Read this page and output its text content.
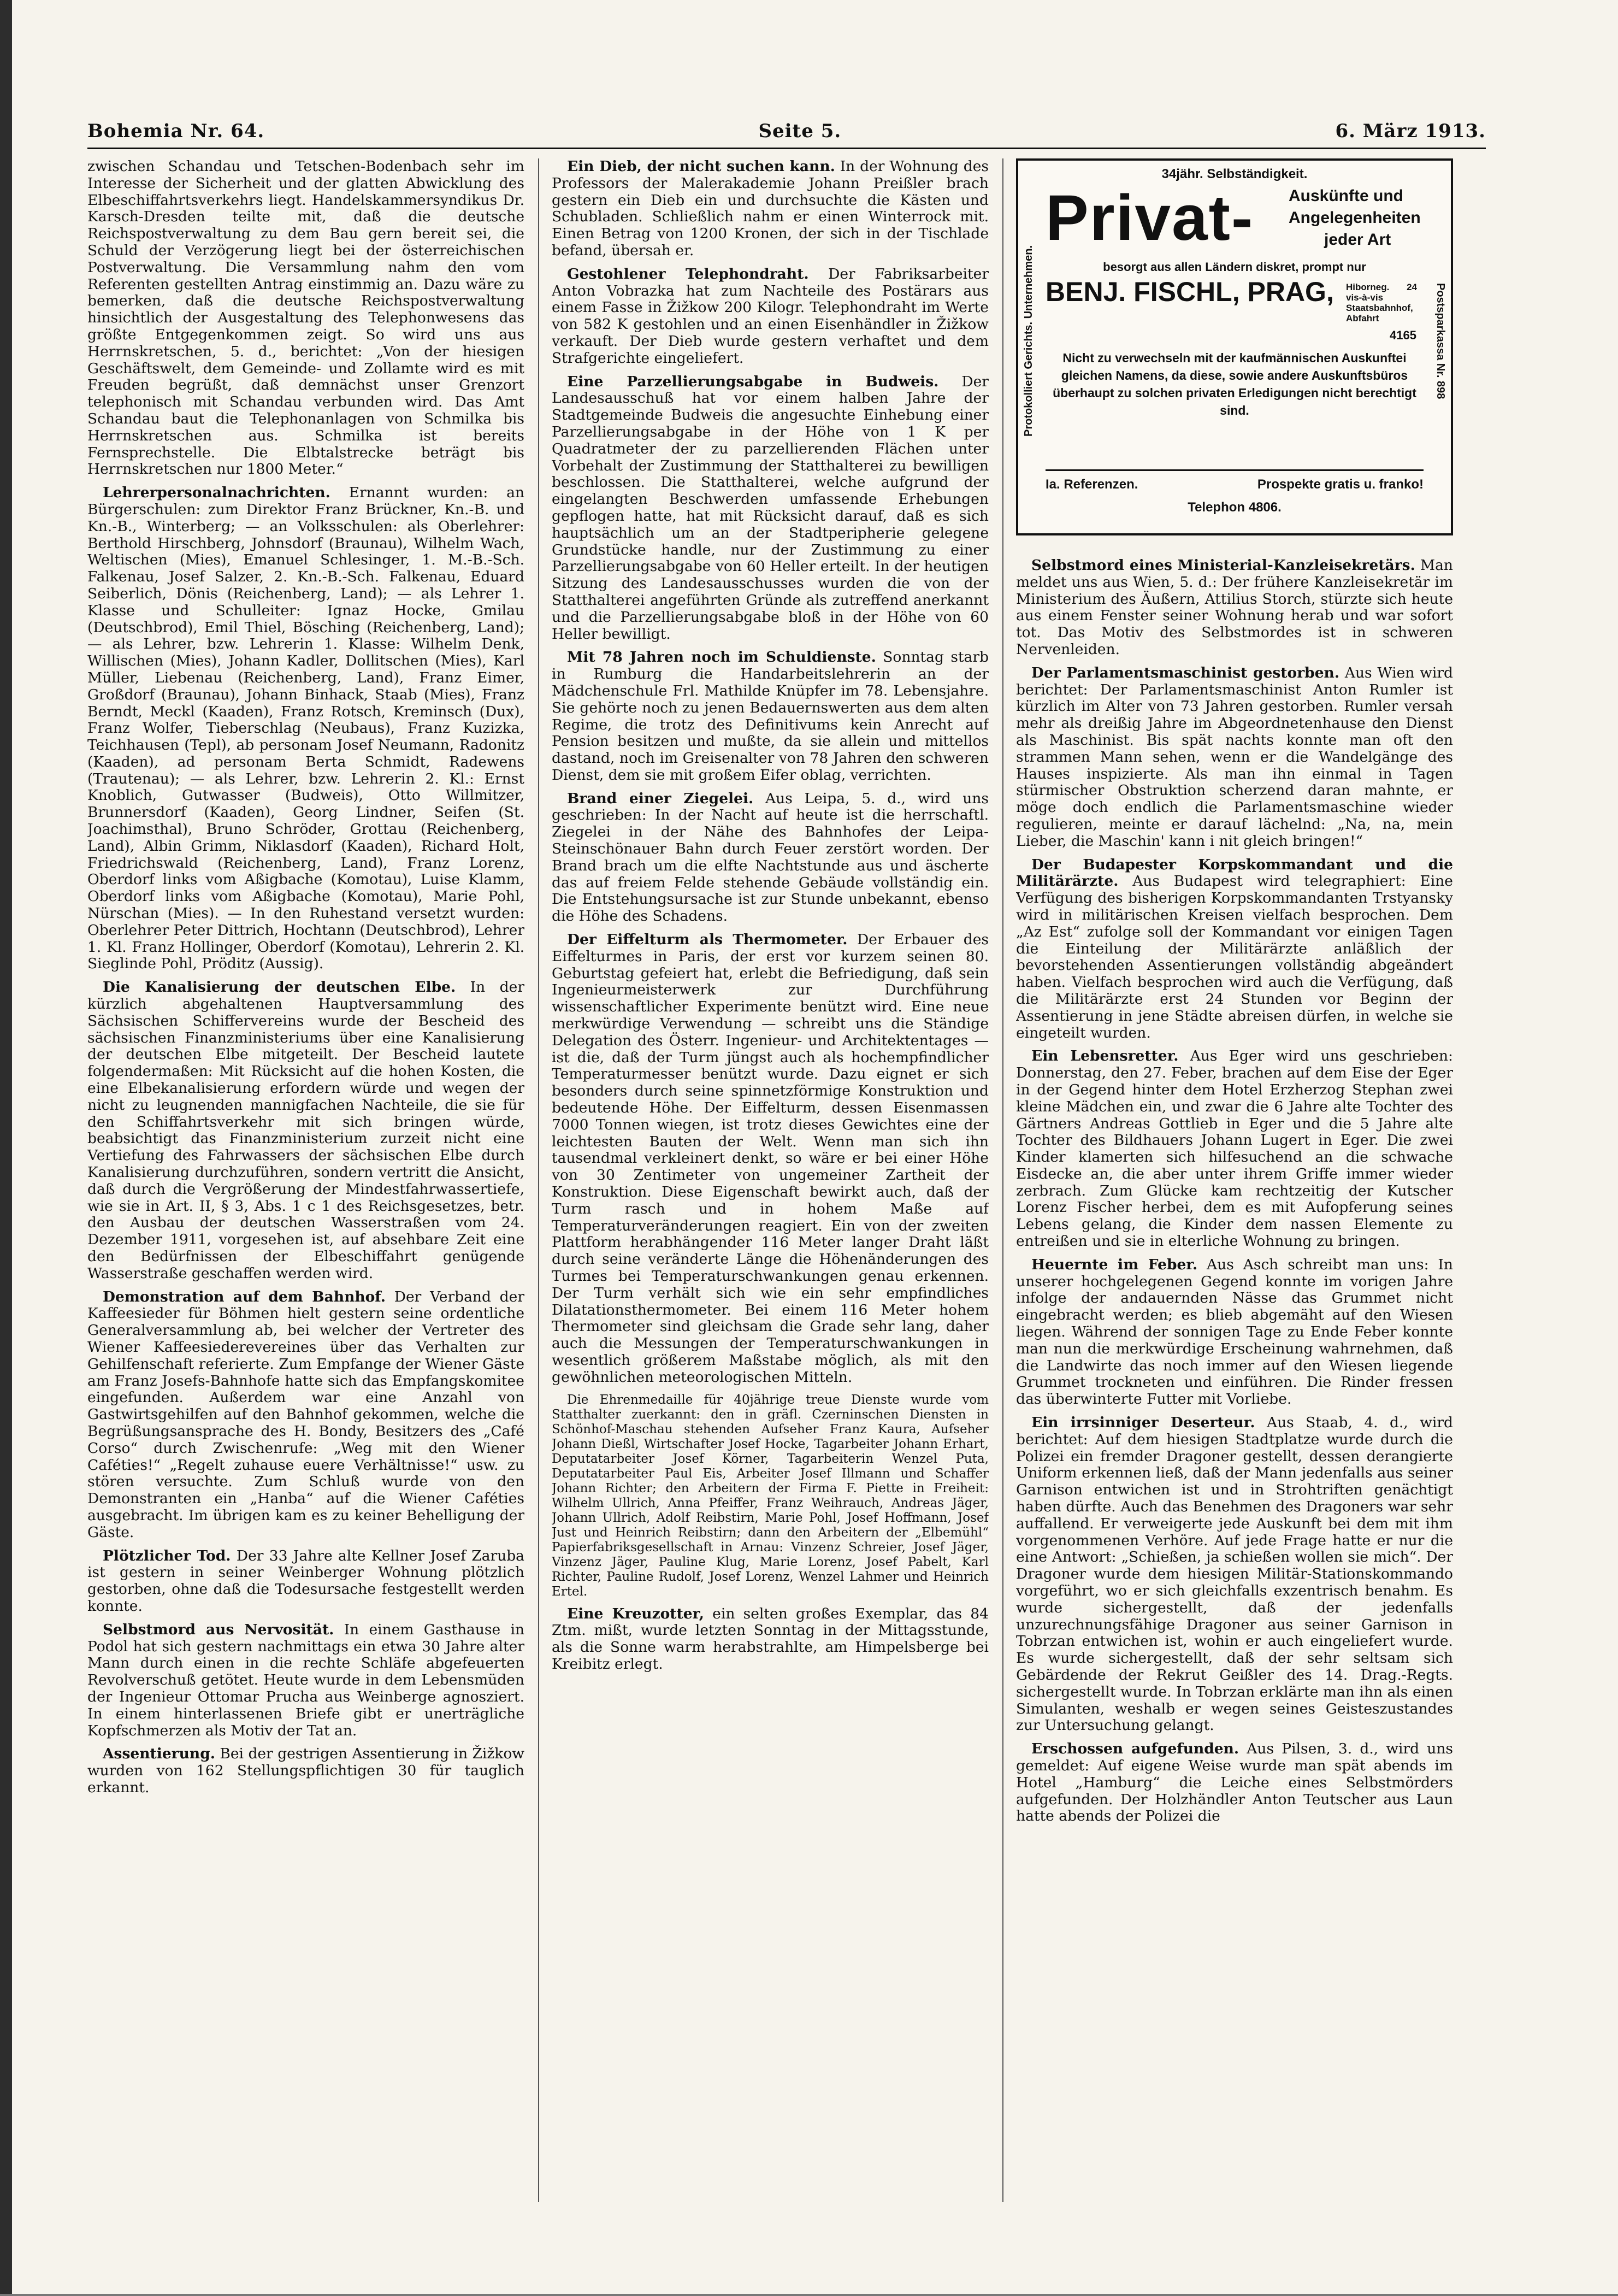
Bohemia Nr. 64.	Seite 5.	6. März 1913.

zwischen Schandau und Tetschen-Bodenbach sehr im Interesse der Sicherheit und der glatten Abwicklung des Elbeschiffahrtsverkehrs liegt. Handelskammersyndikus Dr. Karsch-Dresden teilte mit, daß die deutsche Reichspostverwaltung zu dem Bau gern bereit sei, die Schuld der Verzögerung liegt bei der österreichischen Postverwaltung. Die Versammlung nahm den vom Referenten gestellten Antrag einstimmig an. Dazu wäre zu bemerken, daß die deutsche Reichspostverwaltung hinsichtlich der Ausgestaltung des Telephonwesens das größte Entgegenkommen zeigt. So wird uns aus Herrnskretschen, 5. d., berichtet: „Von der hiesigen Geschäftswelt, dem Gemeinde- und Zollamte wird es mit Freuden begrüßt, daß demnächst unser Grenzort telephonisch mit Schandau verbunden wird. Das Amt Schandau baut die Telephonanlagen von Schmilka bis Herrnskretschen aus. Schmilka ist bereits Fernsprechstelle. Die Elbtalstrecke beträgt bis Herrnskretschen nur 1800 Meter.“

Lehrerpersonalnachrichten. Ernannt wurden: an Bürgerschulen: zum Direktor Franz Brückner, Kn.-B. und Kn.-B., Winterberg; — an Volksschulen: als Oberlehrer: Berthold Hirschberg, Johnsdorf (Braunau), Wilhelm Wach, Weltischen (Mies), Emanuel Schlesinger, 1. M.-B.-Sch. Falkenau, Josef Salzer, 2. Kn.-B.-Sch. Falkenau, Eduard Seiberlich, Dönis (Reichenberg, Land); — als Lehrer 1. Klasse und Schulleiter: Ignaz Hocke, Gmilau (Deutschbrod), Emil Thiel, Bösching (Reichenberg, Land); — als Lehrer, bzw. Lehrerin 1. Klasse: Wilhelm Denk, Willischen (Mies), Johann Kadler, Dollitschen (Mies), Karl Müller, Liebenau (Reichenberg, Land), Franz Eimer, Großdorf (Braunau), Johann Binhack, Staab (Mies), Franz Berndt, Meckl (Kaaden), Franz Rotsch, Kreminsch (Dux), Franz Wolfer, Tieberschlag (Neubaus), Franz Kuzizka, Teichhausen (Tepl), ab personam Josef Neumann, Radonitz (Kaaden), ad personam Berta Schmidt, Radewens (Trautenau); — als Lehrer, bzw. Lehrerin 2. Kl.: Ernst Knoblich, Gutwasser (Budweis), Otto Willmitzer, Brunnersdorf (Kaaden), Georg Lindner, Seifen (St. Joachimsthal), Bruno Schröder, Grottau (Reichenberg, Land), Albin Grimm, Niklasdorf (Kaaden), Richard Holt, Friedrichswald (Reichenberg, Land), Franz Lorenz, Oberdorf links vom Aßigbache (Komotau), Luise Klamm, Oberdorf links vom Aßigbache (Komotau), Marie Pohl, Nürschan (Mies). — In den Ruhestand versetzt wurden: Oberlehrer Peter Dittrich, Hochtann (Deutschbrod), Lehrer 1. Kl. Franz Hollinger, Oberdorf (Komotau), Lehrerin 2. Kl. Sieglinde Pohl, Pröditz (Aussig).

Die Kanalisierung der deutschen Elbe. In der kürzlich abgehaltenen Hauptversammlung des Sächsischen Schiffervereins wurde der Bescheid des sächsischen Finanzministeriums über eine Kanalisierung der deutschen Elbe mitgeteilt. Der Bescheid lautete folgendermaßen: Mit Rücksicht auf die hohen Kosten, die eine Elbekanalisierung erfordern würde und wegen der nicht zu leugnenden mannigfachen Nachteile, die sie für den Schiffahrtsverkehr mit sich bringen würde, beabsichtigt das Finanzministerium zurzeit nicht eine Vertiefung des Fahrwassers der sächsischen Elbe durch Kanalisierung durchzuführen, sondern vertritt die Ansicht, daß durch die Vergrößerung der Mindestfahrwassertiefe, wie sie in Art. II, § 3, Abs. 1 c 1 des Reichsgesetzes, betr. den Ausbau der deutschen Wasserstraßen vom 24. Dezember 1911, vorgesehen ist, auf absehbare Zeit eine den Bedürfnissen der Elbeschiffahrt genügende Wasserstraße geschaffen werden wird.

Demonstration auf dem Bahnhof. Der Verband der Kaffeesieder für Böhmen hielt gestern seine ordentliche Generalversammlung ab, bei welcher der Vertreter des Wiener Kaffeesiederevereines über das Verhalten zur Gehilfenschaft referierte. Zum Empfange der Wiener Gäste am Franz Josefs-Bahnhofe hatte sich das Empfangskomitee eingefunden. Außerdem war eine Anzahl von Gastwirtsgehilfen auf den Bahnhof gekommen, welche die Begrüßungsansprache des H. Bondy, Besitzers des „Café Corso“ durch Zwischenrufe: „Weg mit den Wiener Caféties!“ „Regelt zuhause euere Verhältnisse!“ usw. zu stören versuchte. Zum Schluß wurde von den Demonstranten ein „Hanba“ auf die Wiener Caféties ausgebracht. Im übrigen kam es zu keiner Behelligung der Gäste.

Plötzlicher Tod. Der 33 Jahre alte Kellner Josef Zaruba ist gestern in seiner Weinberger Wohnung plötzlich gestorben, ohne daß die Todesursache festgestellt werden konnte.

Selbstmord aus Nervosität. In einem Gasthause in Podol hat sich gestern nachmittags ein etwa 30 Jahre alter Mann durch einen in die rechte Schläfe abgefeuerten Revolverschuß getötet. Heute wurde in dem Lebensmüden der Ingenieur Ottomar Prucha aus Weinberge agnosziert. In einem hinterlassenen Briefe gibt er unerträgliche Kopfschmerzen als Motiv der Tat an.

Assentierung. Bei der gestrigen Assentierung in Žižkow wurden von 162 Stellungspflichtigen 30 für tauglich erkannt.

Ein Dieb, der nicht suchen kann. In der Wohnung des Professors der Malerakademie Johann Preißler brach gestern ein Dieb ein und durchsuchte die Kästen und Schubladen. Schließlich nahm er einen Winterrock mit. Einen Betrag von 1200 Kronen, der sich in der Tischlade befand, übersah er.

Gestohlener Telephondraht. Der Fabriksarbeiter Anton Vobrazka hat zum Nachteile des Postärars aus einem Fasse in Žižkow 200 Kilogr. Telephondraht im Werte von 582 K gestohlen und an einen Eisenhändler in Žižkow verkauft. Der Dieb wurde gestern verhaftet und dem Strafgerichte eingeliefert.

Eine Parzellierungsabgabe in Budweis. Der Landesausschuß hat vor einem halben Jahre der Stadtgemeinde Budweis die angesuchte Einhebung einer Parzellierungsabgabe in der Höhe von 1 K per Quadratmeter der zu parzellierenden Flächen unter Vorbehalt der Zustimmung der Statthalterei zu bewilligen beschlossen. Die Statthalterei, welche aufgrund der eingelangten Beschwerden umfassende Erhebungen gepflogen hatte, hat mit Rücksicht darauf, daß es sich hauptsächlich um an der Stadtperipherie gelegene Grundstücke handle, nur der Zustimmung zu einer Parzellierungsabgabe von 60 Heller erteilt. In der heutigen Sitzung des Landesausschusses wurden die von der Statthalterei angeführten Gründe als zutreffend anerkannt und die Parzellierungsabgabe bloß in der Höhe von 60 Heller bewilligt.

Mit 78 Jahren noch im Schuldienste. Sonntag starb in Rumburg die Handarbeitslehrerin an der Mädchenschule Frl. Mathilde Knüpfer im 78. Lebensjahre. Sie gehörte noch zu jenen Bedauernswerten aus dem alten Regime, die trotz des Definitivums kein Anrecht auf Pension besitzen und mußte, da sie allein und mittellos dastand, noch im Greisenalter von 78 Jahren den schweren Dienst, dem sie mit großem Eifer oblag, verrichten.

Brand einer Ziegelei. Aus Leipa, 5. d., wird uns geschrieben: In der Nacht auf heute ist die herrschaftl. Ziegelei in der Nähe des Bahnhofes der Leipa-Steinschönauer Bahn durch Feuer zerstört worden. Der Brand brach um die elfte Nachtstunde aus und äscherte das auf freiem Felde stehende Gebäude vollständig ein. Die Entstehungsursache ist zur Stunde unbekannt, ebenso die Höhe des Schadens.

Der Eiffelturm als Thermometer. Der Erbauer des Eiffelturmes in Paris, der erst vor kurzem seinen 80. Geburtstag gefeiert hat, erlebt die Befriedigung, daß sein Ingenieurmeisterwerk zur Durchführung wissenschaftlicher Experimente benützt wird. Eine neue merkwürdige Verwendung — schreibt uns die Ständige Delegation des Österr. Ingenieur- und Architektentages — ist die, daß der Turm jüngst auch als hochempfindlicher Temperaturmesser benützt wurde. Dazu eignet er sich besonders durch seine spinnetzförmige Konstruktion und bedeutende Höhe. Der Eiffelturm, dessen Eisenmassen 7000 Tonnen wiegen, ist trotz dieses Gewichtes eine der leichtesten Bauten der Welt. Wenn man sich ihn tausendmal verkleinert denkt, so wäre er bei einer Höhe von 30 Zentimeter von ungemeiner Zartheit der Konstruktion. Diese Eigenschaft bewirkt auch, daß der Turm rasch und in hohem Maße auf Temperaturveränderungen reagiert. Ein von der zweiten Plattform herabhängender 116 Meter langer Draht läßt durch seine veränderte Länge die Höhenänderungen des Turmes bei Temperaturschwankungen genau erkennen. Der Turm verhält sich wie ein sehr empfindliches Dilatationsthermometer. Bei einem 116 Meter hohem Thermometer sind gleichsam die Grade sehr lang, daher auch die Messungen der Temperaturschwankungen in wesentlich größerem Maßstabe möglich, als mit den gewöhnlichen meteorologischen Mitteln.

Die Ehrenmedaille für 40jährige treue Dienste wurde vom Statthalter zuerkannt: den in gräfl. Czerninschen Diensten in Schönhof-Maschau stehenden Aufseher Franz Kaura, Aufseher Johann Dießl, Wirtschafter Josef Hocke, Tagarbeiter Johann Erhart, Deputatarbeiter Josef Körner, Tagarbeiterin Wenzel Puta, Deputatarbeiter Paul Eis, Arbeiter Josef Illmann und Schaffer Johann Richter; den Arbeitern der Firma F. Piette in Freiheit: Wilhelm Ullrich, Anna Pfeiffer, Franz Weihrauch, Andreas Jäger, Johann Ullrich, Adolf Reibstirn, Marie Pohl, Josef Hoffmann, Josef Just und Heinrich Reibstirn; dann den Arbeitern der „Elbemühl“ Papierfabriksgesellschaft in Arnau: Vinzenz Schreier, Josef Jäger, Vinzenz Jäger, Pauline Klug, Marie Lorenz, Josef Pabelt, Karl Richter, Pauline Rudolf, Josef Lorenz, Wenzel Lahmer und Heinrich Ertel.

Eine Kreuzotter, ein selten großes Exemplar, das 84 Ztm. mißt, wurde letzten Sonntag in der Mittagsstunde, als die Sonne warm herabstrahlte, am Himpelsberge bei Kreibitz erlegt.

Protokolliert Gerichts. Unternehmen.	Postsparkassa Nr. 898
34jähr. Selbständigkeit.
Privat- Auskünfte und
Angelegenheiten
jeder Art
besorgt aus allen Ländern diskret, prompt nur
BENJ. FISCHL, PRAG, Hiborneg. 24 vis-à-vis Staatsbahnhof, Abfahrt
4165
Nicht zu verwechseln mit der kaufmännischen Auskunftei gleichen Namens, da diese, sowie andere Auskunftsbüros überhaupt zu solchen privaten Erledigungen nicht berechtigt sind.
Ia. Referenzen.	Prospekte gratis u. franko!
Telephon 4806.

Selbstmord eines Ministerial-Kanzleisekretärs. Man meldet uns aus Wien, 5. d.: Der frühere Kanzleisekretär im Ministerium des Äußern, Attilius Storch, stürzte sich heute aus einem Fenster seiner Wohnung herab und war sofort tot. Das Motiv des Selbstmordes ist in schweren Nervenleiden.

Der Parlamentsmaschinist gestorben. Aus Wien wird berichtet: Der Parlamentsmaschinist Anton Rumler ist kürzlich im Alter von 73 Jahren gestorben. Rumler versah mehr als dreißig Jahre im Abgeordnetenhause den Dienst als Maschinist. Bis spät nachts konnte man oft den strammen Mann sehen, wenn er die Wandelgänge des Hauses inspizierte. Als man ihn einmal in Tagen stürmischer Obstruktion scherzend daran mahnte, er möge doch endlich die Parlamentsmaschine wieder regulieren, meinte er darauf lächelnd: „Na, na, mein Lieber, die Maschin' kann i nit gleich bringen!“

Der Budapester Korpskommandant und die Militärärzte. Aus Budapest wird telegraphiert: Eine Verfügung des bisherigen Korpskommandanten Trstyansky wird in militärischen Kreisen vielfach besprochen. Dem „Az Est“ zufolge soll der Kommandant vor einigen Tagen die Einteilung der Militärärzte anläßlich der bevorstehenden Assentierungen vollständig abgeändert haben. Vielfach besprochen wird auch die Verfügung, daß die Militärärzte erst 24 Stunden vor Beginn der Assentierung in jene Städte abreisen dürfen, in welche sie eingeteilt wurden.

Ein Lebensretter. Aus Eger wird uns geschrieben: Donnerstag, den 27. Feber, brachen auf dem Eise der Eger in der Gegend hinter dem Hotel Erzherzog Stephan zwei kleine Mädchen ein, und zwar die 6 Jahre alte Tochter des Gärtners Andreas Gottlieb in Eger und die 5 Jahre alte Tochter des Bildhauers Johann Lugert in Eger. Die zwei Kinder klamerten sich hilfesuchend an die schwache Eisdecke an, die aber unter ihrem Griffe immer wieder zerbrach. Zum Glücke kam rechtzeitig der Kutscher Lorenz Fischer herbei, dem es mit Aufopferung seines Lebens gelang, die Kinder dem nassen Elemente zu entreißen und sie in elterliche Wohnung zu bringen.

Heuernte im Feber. Aus Asch schreibt man uns: In unserer hochgelegenen Gegend konnte im vorigen Jahre infolge der andauernden Nässe das Grummet nicht eingebracht werden; es blieb abgemäht auf den Wiesen liegen. Während der sonnigen Tage zu Ende Feber konnte man nun die merkwürdige Erscheinung wahrnehmen, daß die Landwirte das noch immer auf den Wiesen liegende Grummet trockneten und einführen. Die Rinder fressen das überwinterte Futter mit Vorliebe.

Ein irrsinniger Deserteur. Aus Staab, 4. d., wird berichtet: Auf dem hiesigen Stadtplatze wurde durch die Polizei ein fremder Dragoner gestellt, dessen derangierte Uniform erkennen ließ, daß der Mann jedenfalls aus seiner Garnison entwichen ist und in Strohtriften genächtigt haben dürfte. Auch das Benehmen des Dragoners war sehr auffallend. Er verweigerte jede Auskunft bei dem mit ihm vorgenommenen Verhöre. Auf jede Frage hatte er nur die eine Antwort: „Schießen, ja schießen wollen sie mich“. Der Dragoner wurde dem hiesigen Militär-Stationskommando vorgeführt, wo er sich gleichfalls exzentrisch benahm. Es wurde sichergestellt, daß der jedenfalls unzurechnungsfähige Dragoner aus seiner Garnison in Tobrzan entwichen ist, wohin er auch eingeliefert wurde. Es wurde sichergestellt, daß der sehr seltsam sich Gebärdende der Rekrut Geißler des 14. Drag.-Regts. sichergestellt wurde. In Tobrzan erklärte man ihn als einen Simulanten, weshalb er wegen seines Geisteszustandes zur Untersuchung gelangt.

Erschossen aufgefunden. Aus Pilsen, 3. d., wird uns gemeldet: Auf eigene Weise wurde man spät abends im Hotel „Hamburg“ die Leiche eines Selbstmörders aufgefunden. Der Holzhändler Anton Teutscher aus Laun hatte abends der Polizei die
